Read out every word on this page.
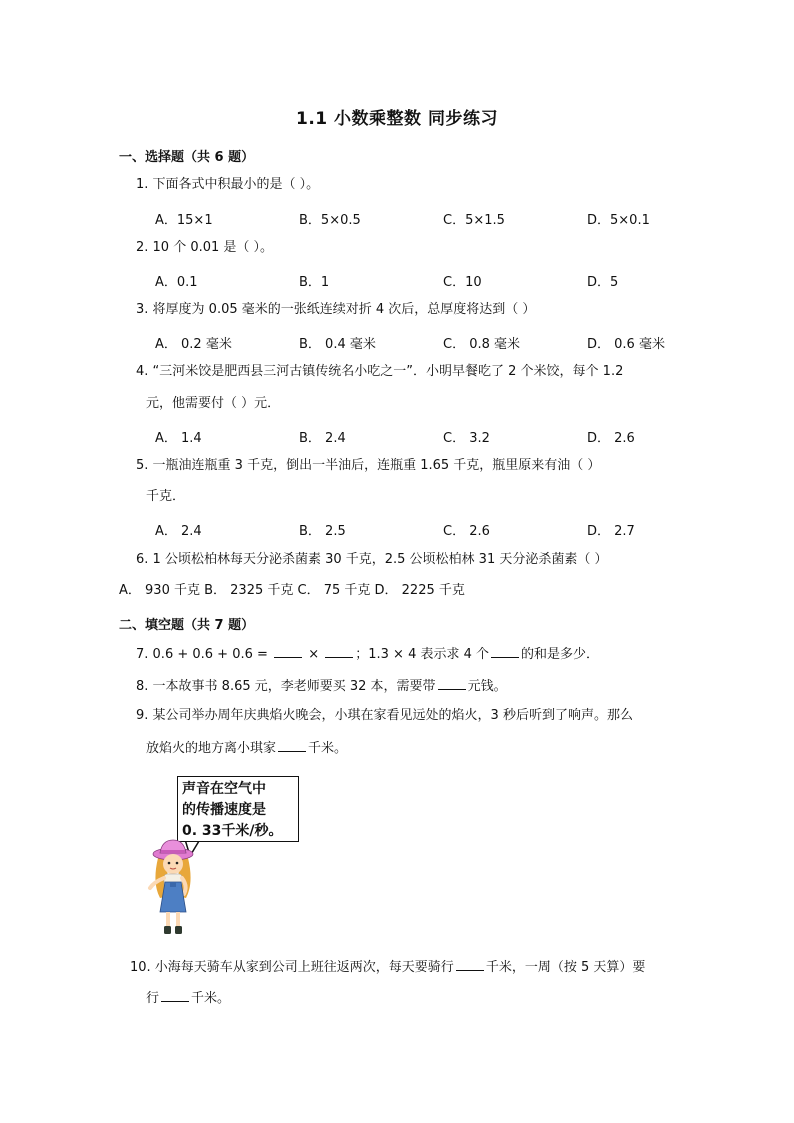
1.1 小数乘整数 同步练习
一、选择题（共 6 题）
1. 下面各式中积最小的是（ ）。
A．15×1	B．5×0.5	C．5×1.5	D．5×0.1
2. 10 个 0.01 是（ ）。
A．0.1	B．1	C．10	D．5
3. 将厚度为 0.05 毫米的一张纸连续对折 4 次后，总厚度将达到（ ）
A． 0.2 毫米	B． 0.4 毫米	C． 0.8 毫米	D． 0.6 毫米
4. “三河米饺是肥西县三河古镇传统名小吃之一”．小明早餐吃了 2 个米饺，每个 1.2
元，他需要付（ ）元．
A． 1.4	B． 2.4	C． 3.2	D． 2.6
5. 一瓶油连瓶重 3 千克，倒出一半油后，连瓶重 1.65 千克，瓶里原来有油（ ）
千克．
A． 2.4	B． 2.5	C． 2.6	D． 2.7
6. 1 公顷松柏林每天分泌杀菌素 30 千克，2.5 公顷松柏林 31 天分泌杀菌素（ ）
A． 930 千克 B． 2325 千克 C． 75 千克 D． 2225 千克
二、填空题（共 7 题）
7. 0.6 + 0.6 + 0.6 =	×	；1.3 × 4 表示求 4 个 的和是多少．
8. 一本故事书 8.65 元，李老师要买 32 本，需要带 元钱。
9. 某公司举办周年庆典焰火晚会，小琪在家看见远处的焰火，3 秒后听到了响声。那么
放焰火的地方离小琪家 千米。
声音在空气中
的传播速度是
0. 33千米/秒。
10. 小海每天骑车从家到公司上班往返两次，每天要骑行 千米，一周（按 5 天算）要
行 千米。
